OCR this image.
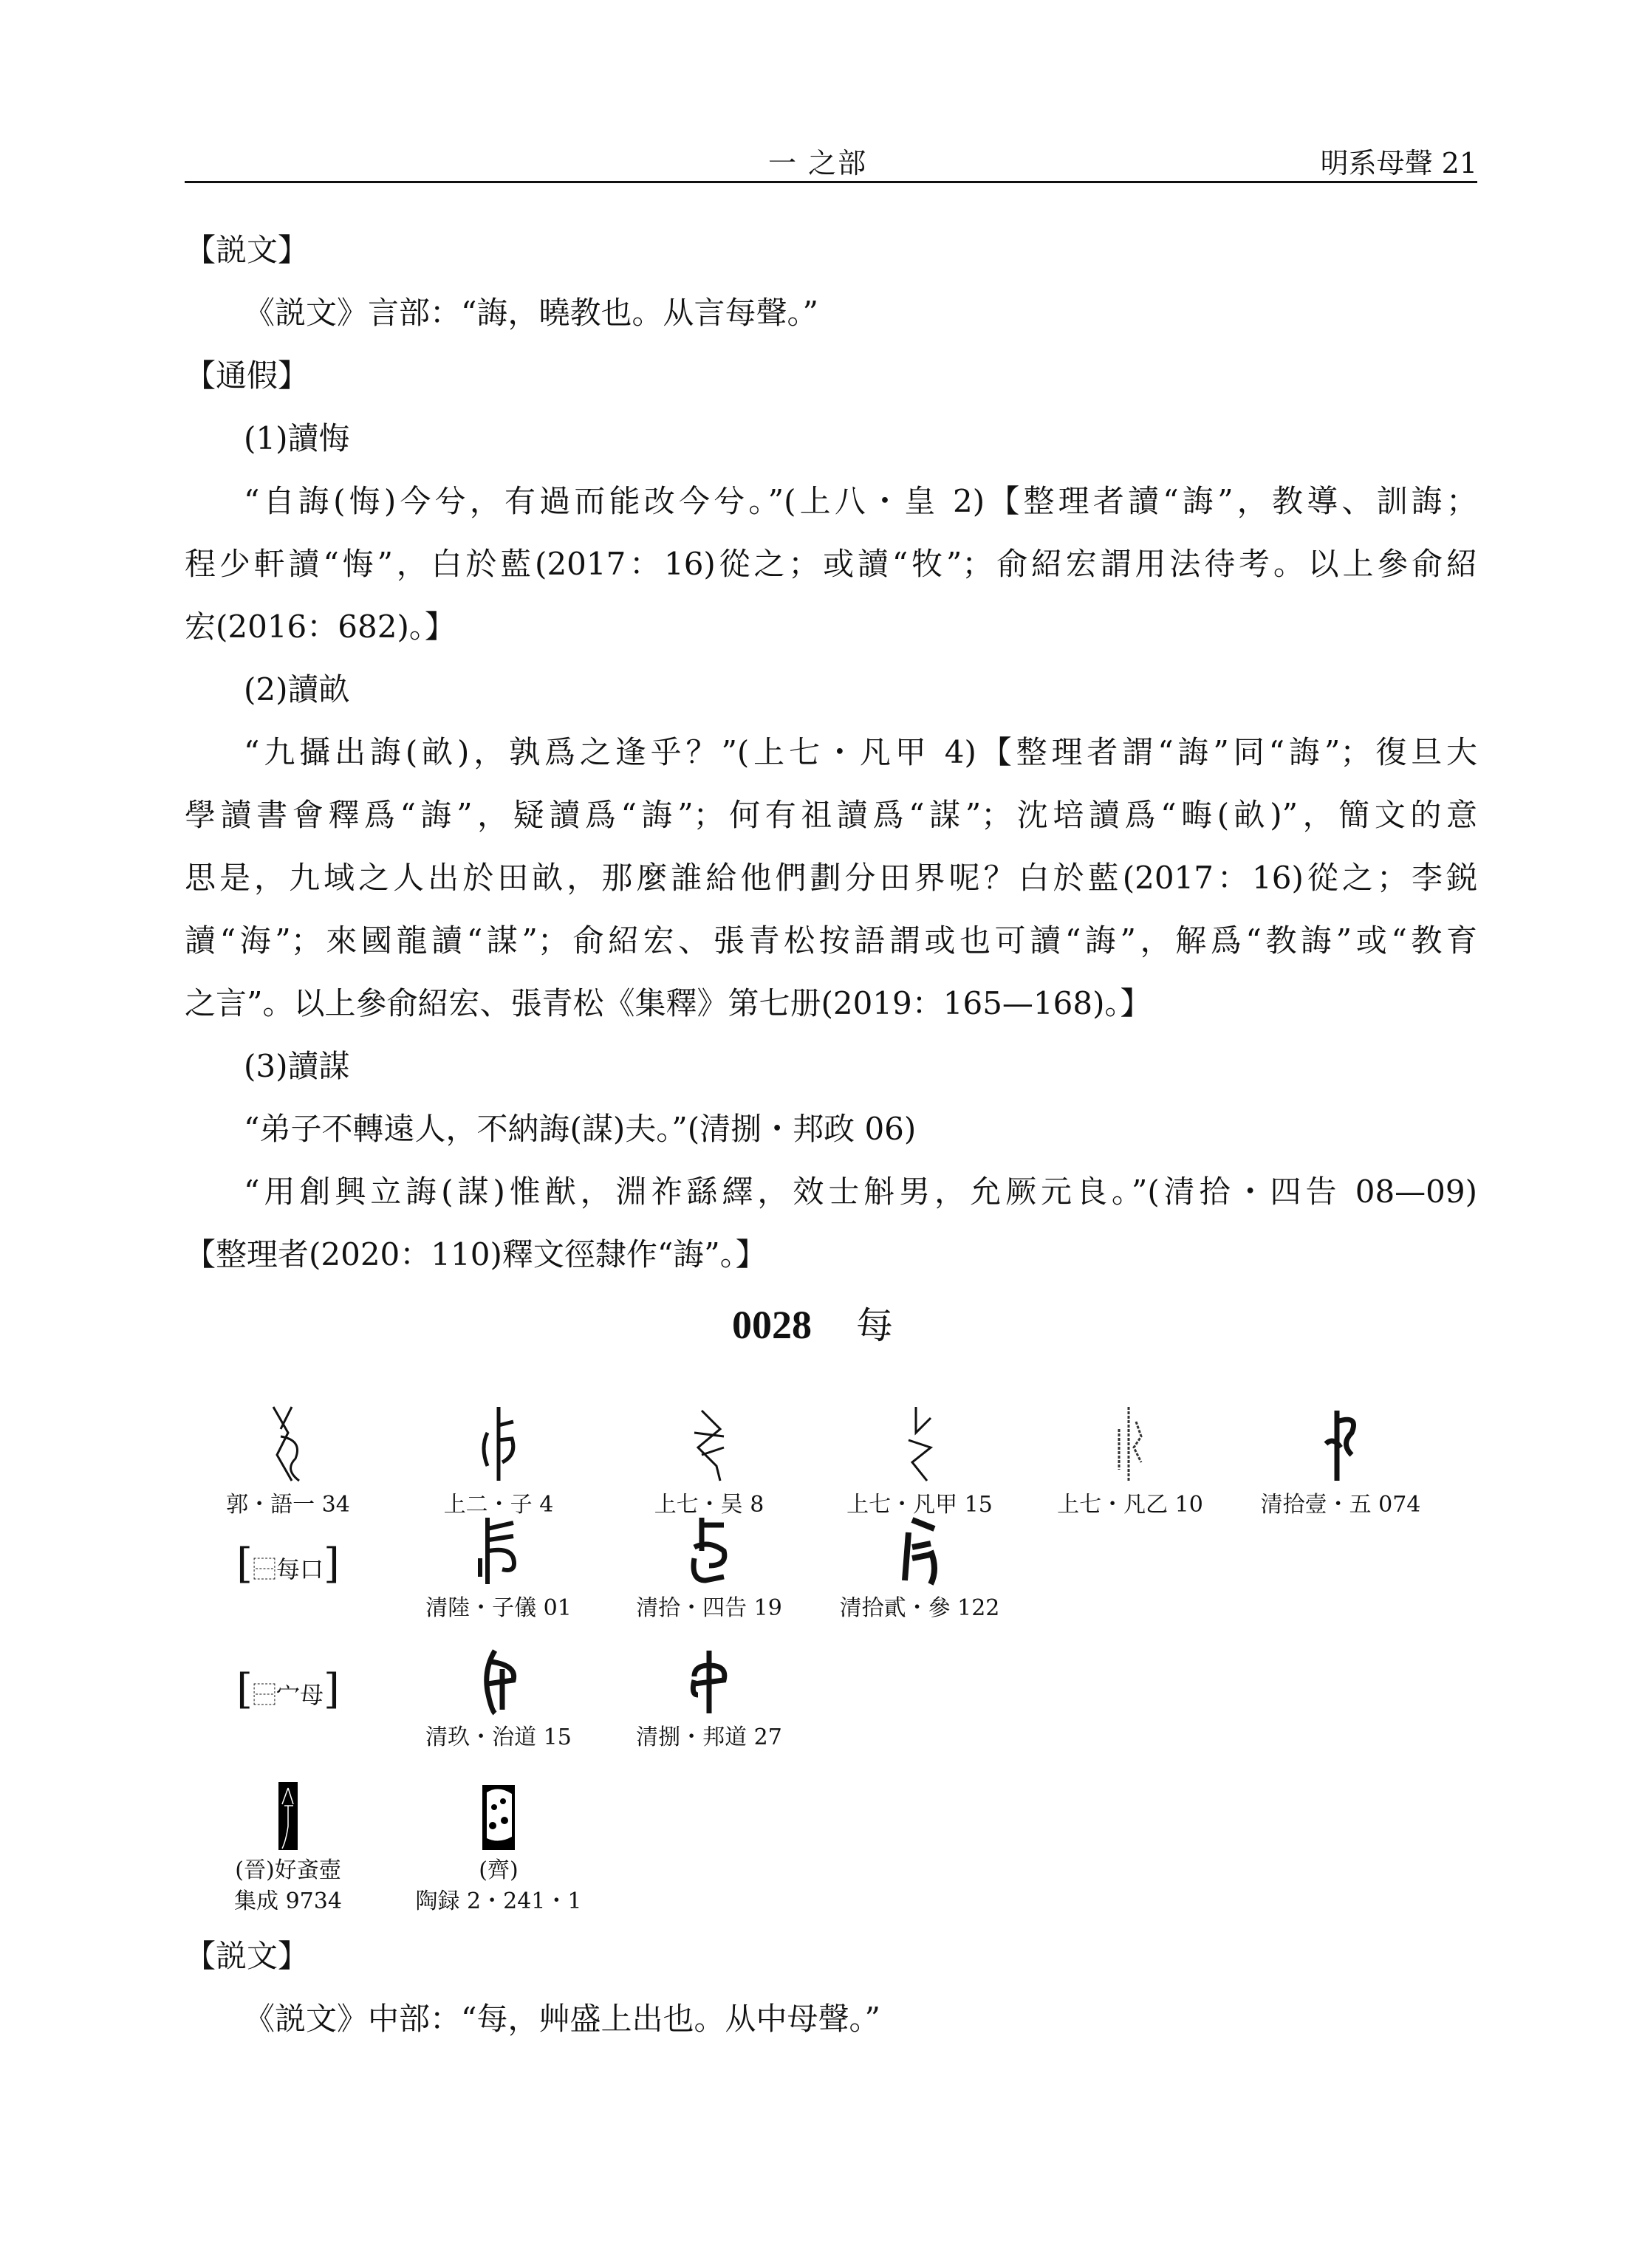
一 之部	明系母聲 21
【説文】
《説文》言部：“誨，曉教也。从言每聲。”
【通假】
(1)讀悔
“自誨(悔)今兮，有過而能改今兮。”(上八・皇 2)【整理者讀“誨”，教導、訓誨；
程少軒讀“悔”，白於藍(2017：16)從之；或讀“牧”；俞紹宏謂用法待考。以上參俞紹
宏(2016：682)。】
(2)讀畝
“九攝出誨(畝)，孰爲之逢乎？”(上七・凡甲 4)【整理者謂“誨”同“誨”；復旦大
學讀書會釋爲“誨”，疑讀爲“誨”；何有祖讀爲“謀”；沈培讀爲“畮(畝)”，簡文的意
思是，九域之人出於田畝，那麼誰給他們劃分田界呢？白於藍(2017：16)從之；李鋭
讀“海”；來國龍讀“謀”；俞紹宏、張青松按語謂或也可讀“誨”，解爲“教誨”或“教育
之言”。以上參俞紹宏、張青松《集釋》第七册(2019：165—168)。】
(3)讀謀
“弟子不轉遠人，不納誨(謀)夫。”(清捌・邦政 06)
“用創興立誨(謀)惟猷，淵祚繇繹，效士斛男，允厥元良。”(清拾・四告 08—09)
【整理者(2020：110)釋文徑隸作“誨”。】
0028 每
郭・語一 34	上二・子 4	上七・吴 8	上七・凡甲 15	上七・凡乙 10	清拾壹・五 074
[⿱每口]
清陸・子儀 01	清拾・四告 19	清拾貳・參 122
[⿱宀母]
清玖・治道 15	清捌・邦道 27
(晉)好蚉壺
集成 9734
(齊)
陶録 2・241・1
【説文】
《説文》中部：“每，艸盛上出也。从中母聲。”
